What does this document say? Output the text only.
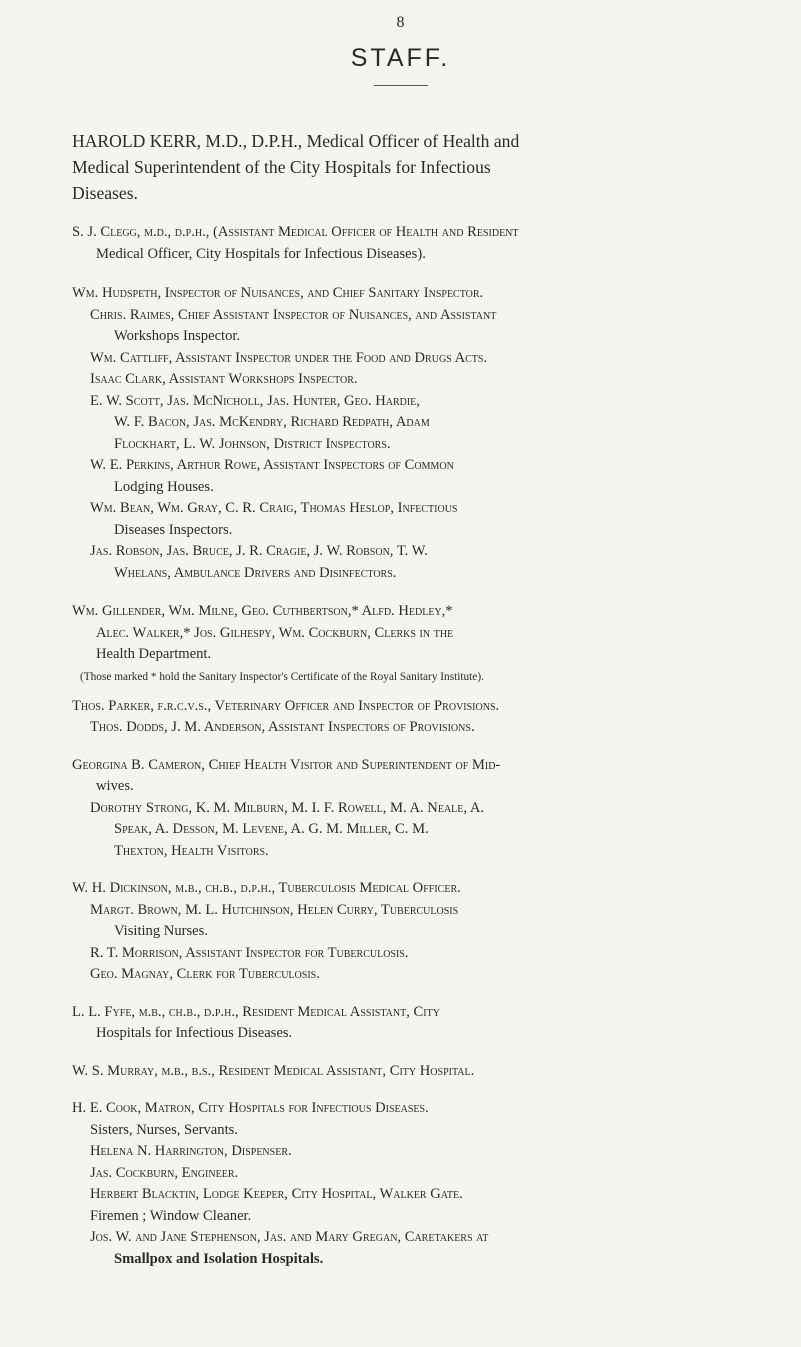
8
STAFF.
HAROLD KERR, M.D., D.P.H., Medical Officer of Health and
Medical Superintendent of the City Hospitals for Infectious
Diseases.
S. J. Clegg, m.d., d.p.h., (Assistant Medical Officer of Health and Resident
Medical Officer, City Hospitals for Infectious Diseases).
Wm. Hudspeth, Inspector of Nuisances, and Chief Sanitary Inspector.
Chris. Raimes, Chief Assistant Inspector of Nuisances, and Assistant
Workshops Inspector.
Wm. Cattliff, Assistant Inspector under the Food and Drugs Acts.
Isaac Clark, Assistant Workshops Inspector.
E. W. Scott, Jas. McNicholl, Jas. Hunter, Geo. Hardie,
W. F. Bacon, Jas. McKendry, Richard Redpath, Adam
Flockhart, L. W. Johnson, District Inspectors.
W. E. Perkins, Arthur Rowe, Assistant Inspectors of Common
Lodging Houses.
Wm. Bean, Wm. Gray, C. R. Craig, Thomas Heslop, Infectious
Diseases Inspectors.
Jas. Robson, Jas. Bruce, J. R. Cragie, J. W. Robson, T. W.
Whelans, Ambulance Drivers and Disinfectors.
Wm. Gillender, Wm. Milne, Geo. Cuthbertson,* Alfd. Hedley,*
Alec. Walker,* Jos. Gilhespy, Wm. Cockburn, Clerks in the
Health Department.
(Those marked * hold the Sanitary Inspector's Certificate of the Royal Sanitary Institute).
Thos. Parker, f.r.c.v.s., Veterinary Officer and Inspector of Provisions.
Thos. Dodds, J. M. Anderson, Assistant Inspectors of Provisions.
Georgina B. Cameron, Chief Health Visitor and Superintendent of Mid-
wives.
Dorothy Strong, K. M. Milburn, M. I. F. Rowell, M. A. Neale, A.
Speak, A. Desson, M. Levene, A. G. M. Miller, C. M.
Thexton, Health Visitors.
W. H. Dickinson, m.b., ch.b., d.p.h., Tuberculosis Medical Officer.
Margt. Brown, M. L. Hutchinson, Helen Curry, Tuberculosis
Visiting Nurses.
R. T. Morrison, Assistant Inspector for Tuberculosis.
Geo. Magnay, Clerk for Tuberculosis.
L. L. Fyfe, m.b., ch.b., d.p.h., Resident Medical Assistant, City
Hospitals for Infectious Diseases.
W. S. Murray, m.b., b.s., Resident Medical Assistant, City Hospital.
H. E. Cook, Matron, City Hospitals for Infectious Diseases.
Sisters, Nurses, Servants.
Helena N. Harrington, Dispenser.
Jas. Cockburn, Engineer.
Herbert Blacktin, Lodge Keeper, City Hospital, Walker Gate.
Firemen ; Window Cleaner.
Jos. W. and Jane Stephenson, Jas. and Mary Gregan, Caretakers at
Smallpox and Isolation Hospitals.
